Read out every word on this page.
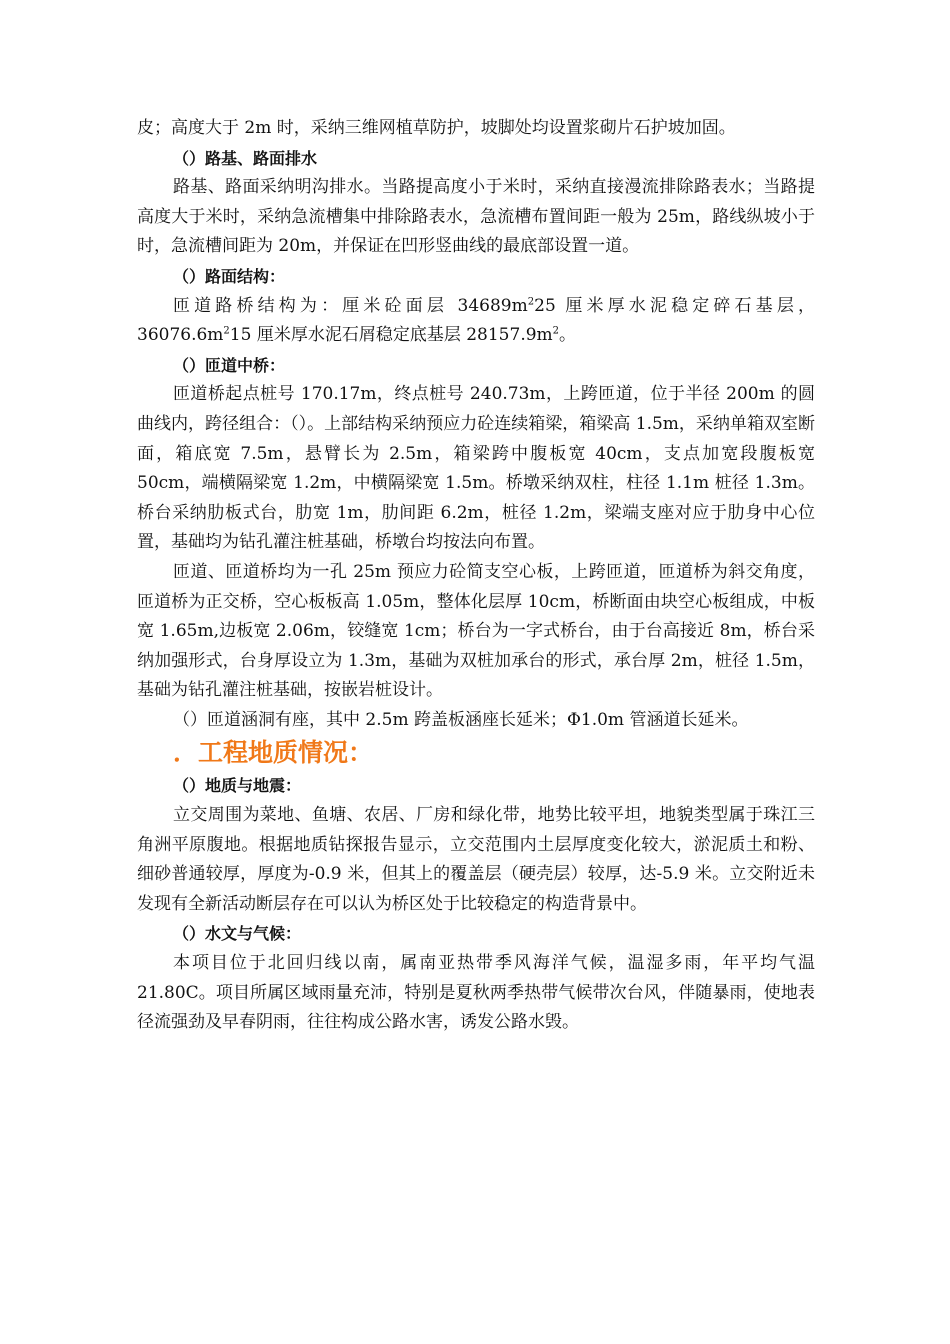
皮；高度大于 2m 时，采纳三维网植草防护，坡脚处均设置浆砌片石护坡加固。

（）路基、路面排水

路基、路面采纳明沟排水。当路提高度小于米时，采纳直接漫流排除路表水；当路提高度大于米时，采纳急流槽集中排除路表水，急流槽布置间距一般为 25m，路线纵坡小于时，急流槽间距为 20m，并保证在凹形竖曲线的最底部设置一道。

（）路面结构：

匝道路桥结构为：厘米砼面层 $34689m^225$ 厘米厚水泥稳定碎石基层，$36076.6m^215$ 厘米厚水泥石屑稳定底基层 $28157.9m^2$。

（）匝道中桥：

匝道桥起点桩号 170.17m，终点桩号 240.73m，上跨匝道，位于半径 200m 的圆曲线内，跨径组合：（）。上部结构采纳预应力砼连续箱梁，箱梁高 1.5m，采纳单箱双室断面，箱底宽 7.5m，悬臂长为 2.5m，箱梁跨中腹板宽 40cm，支点加宽段腹板宽 50cm，端横隔梁宽 1.2m，中横隔梁宽 1.5m。桥墩采纳双柱，柱径 1.1m 桩径 1.3m。桥台采纳肋板式台，肋宽 1m，肋间距 6.2m，桩径 1.2m，梁端支座对应于肋身中心位置，基础均为钻孔灌注桩基础，桥墩台均按法向布置。

匝道、匝道桥均为一孔 25m 预应力砼简支空心板，上跨匝道，匝道桥为斜交角度，匝道桥为正交桥，空心板板高 1.05m，整体化层厚 10cm，桥断面由块空心板组成，中板宽 1.65m,边板宽 2.06m，铰缝宽 1cm；桥台为一字式桥台，由于台高接近 8m，桥台采纳加强形式，台身厚设立为 1.3m，基础为双桩加承台的形式，承台厚 2m，桩径 1.5m，基础为钻孔灌注桩基础，按嵌岩桩设计。

（）匝道涵洞有座，其中 2.5m 跨盖板涵座长延米；Φ1.0m 管涵道长延米。

．工程地质情况：
（）地质与地震：

立交周围为菜地、鱼塘、农居、厂房和绿化带，地势比较平坦，地貌类型属于珠江三角洲平原腹地。根据地质钻探报告显示，立交范围内土层厚度变化较大，淤泥质土和粉、细砂普通较厚，厚度为-0.9 米，但其上的覆盖层（硬壳层）较厚，达-5.9 米。立交附近未发现有全新活动断层存在可以认为桥区处于比较稳定的构造背景中。

（）水文与气候：

本项目位于北回归线以南，属南亚热带季风海洋气候，温湿多雨，年平均气温 21.80C。项目所属区域雨量充沛，特别是夏秋两季热带气候带次台风，伴随暴雨，使地表径流强劲及早春阴雨，往往构成公路水害，诱发公路水毁。
